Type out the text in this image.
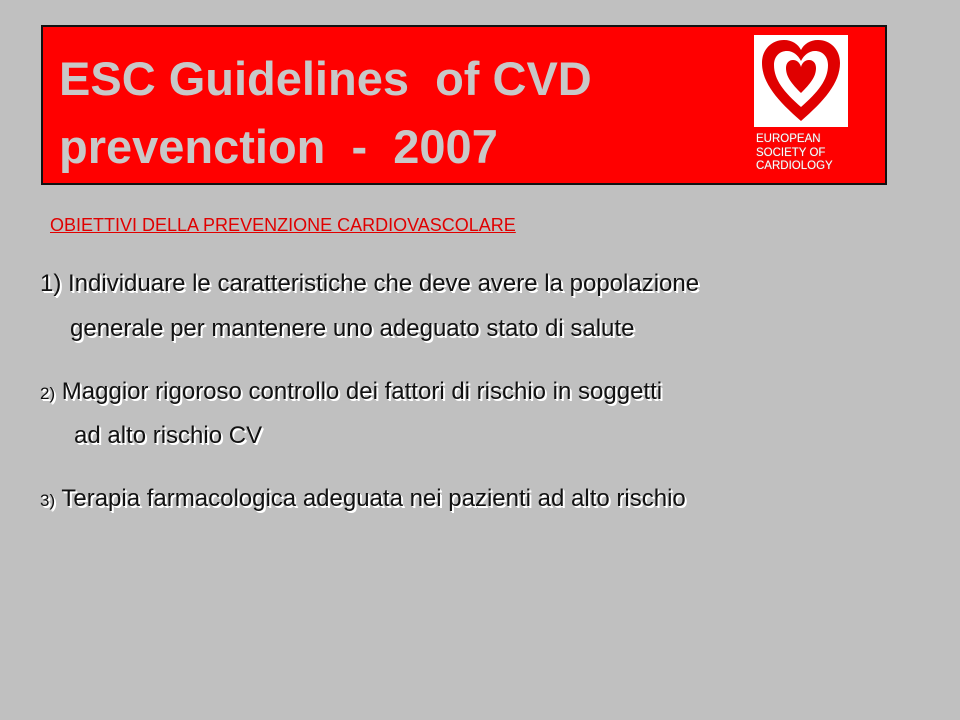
ESC Guidelines  of CVD
prevenction  -  2007	EUROPEAN
SOCIETY OF
CARDIOLOGY
OBIETTIVI DELLA PREVENZIONE CARDIOVASCOLARE
1) Individuare le caratteristiche che deve avere la popolazione
generale per mantenere uno adeguato stato di salute
2) Maggior rigoroso controllo dei fattori di rischio in soggetti
ad alto rischio CV
3) Terapia farmacologica adeguata nei pazienti ad alto rischio
